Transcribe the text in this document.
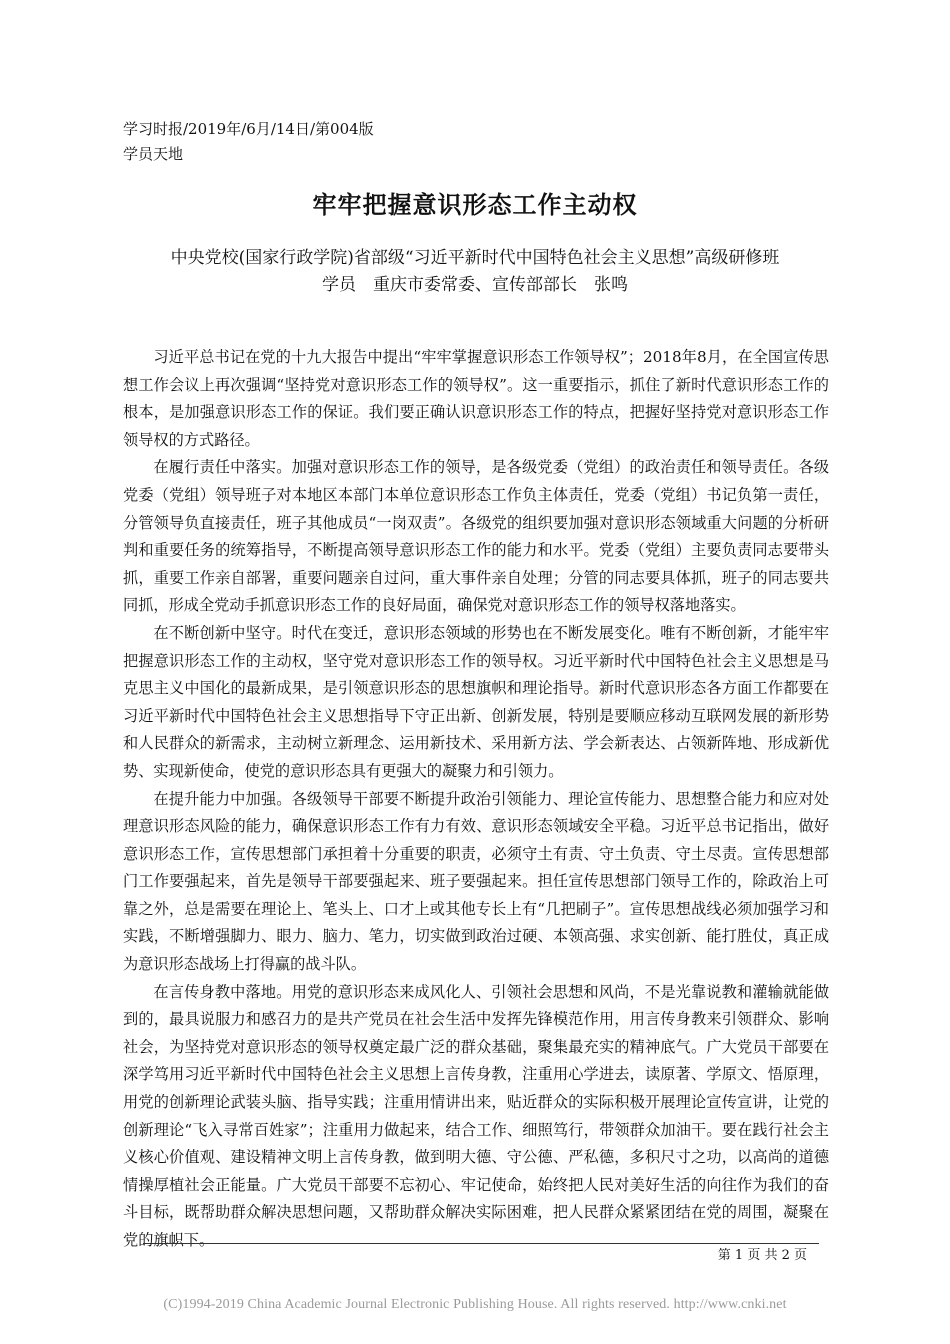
学习时报/2019年/6月/14日/第004版
学员天地
牢牢把握意识形态工作主动权
中央党校(国家行政学院)省部级“习近平新时代中国特色社会主义思想”高级研修班
学员　重庆市委常委、宣传部部长　张鸣

习近平总书记在党的十九大报告中提出“牢牢掌握意识形态工作领导权”；2018年8月，在全国宣传思想工作会议上再次强调“坚持党对意识形态工作的领导权”。这一重要指示，抓住了新时代意识形态工作的根本，是加强意识形态工作的保证。我们要正确认识意识形态工作的特点，把握好坚持党对意识形态工作领导权的方式路径。

在履行责任中落实。加强对意识形态工作的领导，是各级党委（党组）的政治责任和领导责任。各级党委（党组）领导班子对本地区本部门本单位意识形态工作负主体责任，党委（党组）书记负第一责任，分管领导负直接责任，班子其他成员“一岗双责”。各级党的组织要加强对意识形态领域重大问题的分析研判和重要任务的统筹指导，不断提高领导意识形态工作的能力和水平。党委（党组）主要负责同志要带头抓，重要工作亲自部署，重要问题亲自过问，重大事件亲自处理；分管的同志要具体抓，班子的同志要共同抓，形成全党动手抓意识形态工作的良好局面，确保党对意识形态工作的领导权落地落实。

在不断创新中坚守。时代在变迁，意识形态领域的形势也在不断发展变化。唯有不断创新，才能牢牢把握意识形态工作的主动权，坚守党对意识形态工作的领导权。习近平新时代中国特色社会主义思想是马克思主义中国化的最新成果，是引领意识形态的思想旗帜和理论指导。新时代意识形态各方面工作都要在习近平新时代中国特色社会主义思想指导下守正出新、创新发展，特别是要顺应移动互联网发展的新形势和人民群众的新需求，主动树立新理念、运用新技术、采用新方法、学会新表达、占领新阵地、形成新优势、实现新使命，使党的意识形态具有更强大的凝聚力和引领力。

在提升能力中加强。各级领导干部要不断提升政治引领能力、理论宣传能力、思想整合能力和应对处理意识形态风险的能力，确保意识形态工作有力有效、意识形态领域安全平稳。习近平总书记指出，做好意识形态工作，宣传思想部门承担着十分重要的职责，必须守土有责、守土负责、守土尽责。宣传思想部门工作要强起来，首先是领导干部要强起来、班子要强起来。担任宣传思想部门领导工作的，除政治上可靠之外，总是需要在理论上、笔头上、口才上或其他专长上有“几把刷子”。宣传思想战线必须加强学习和实践，不断增强脚力、眼力、脑力、笔力，切实做到政治过硬、本领高强、求实创新、能打胜仗，真正成为意识形态战场上打得赢的战斗队。

在言传身教中落地。用党的意识形态来成风化人、引领社会思想和风尚，不是光靠说教和灌输就能做到的，最具说服力和感召力的是共产党员在社会生活中发挥先锋模范作用，用言传身教来引领群众、影响社会，为坚持党对意识形态的领导权奠定最广泛的群众基础，聚集最充实的精神底气。广大党员干部要在深学笃用习近平新时代中国特色社会主义思想上言传身教，注重用心学进去，读原著、学原文、悟原理，用党的创新理论武装头脑、指导实践；注重用情讲出来，贴近群众的实际积极开展理论宣传宣讲，让党的创新理论“飞入寻常百姓家”；注重用力做起来，结合工作、细照笃行，带领群众加油干。要在践行社会主义核心价值观、建设精神文明上言传身教，做到明大德、守公德、严私德，多积尺寸之功，以高尚的道德情操厚植社会正能量。广大党员干部要不忘初心、牢记使命，始终把人民对美好生活的向往作为我们的奋斗目标，既帮助群众解决思想问题，又帮助群众解决实际困难，把人民群众紧紧团结在党的周围，凝聚在党的旗帜下。

第 1 页 共 2 页
(C)1994-2019 China Academic Journal Electronic Publishing House. All rights reserved. http://www.cnki.net
